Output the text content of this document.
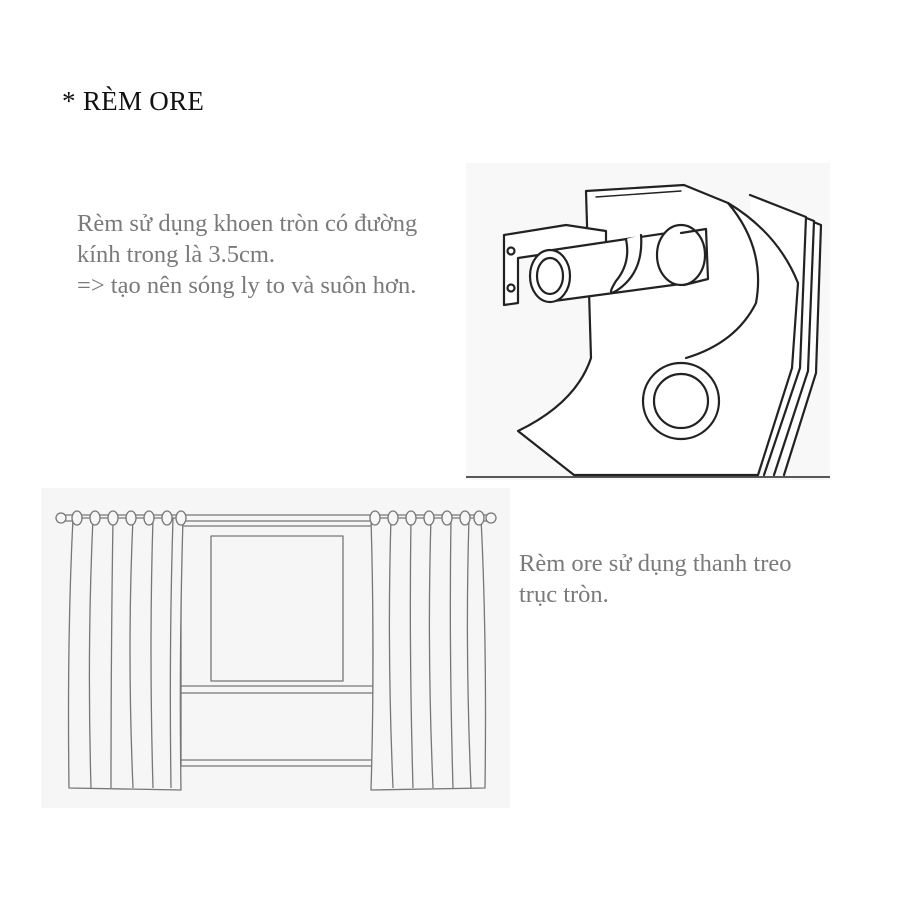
* RÈM ORE
Rèm sử dụng khoen tròn có đường
kính trong là 3.5cm.
=> tạo nên sóng ly to và suôn hơn.
Rèm ore sử dụng thanh treo
trục tròn.
